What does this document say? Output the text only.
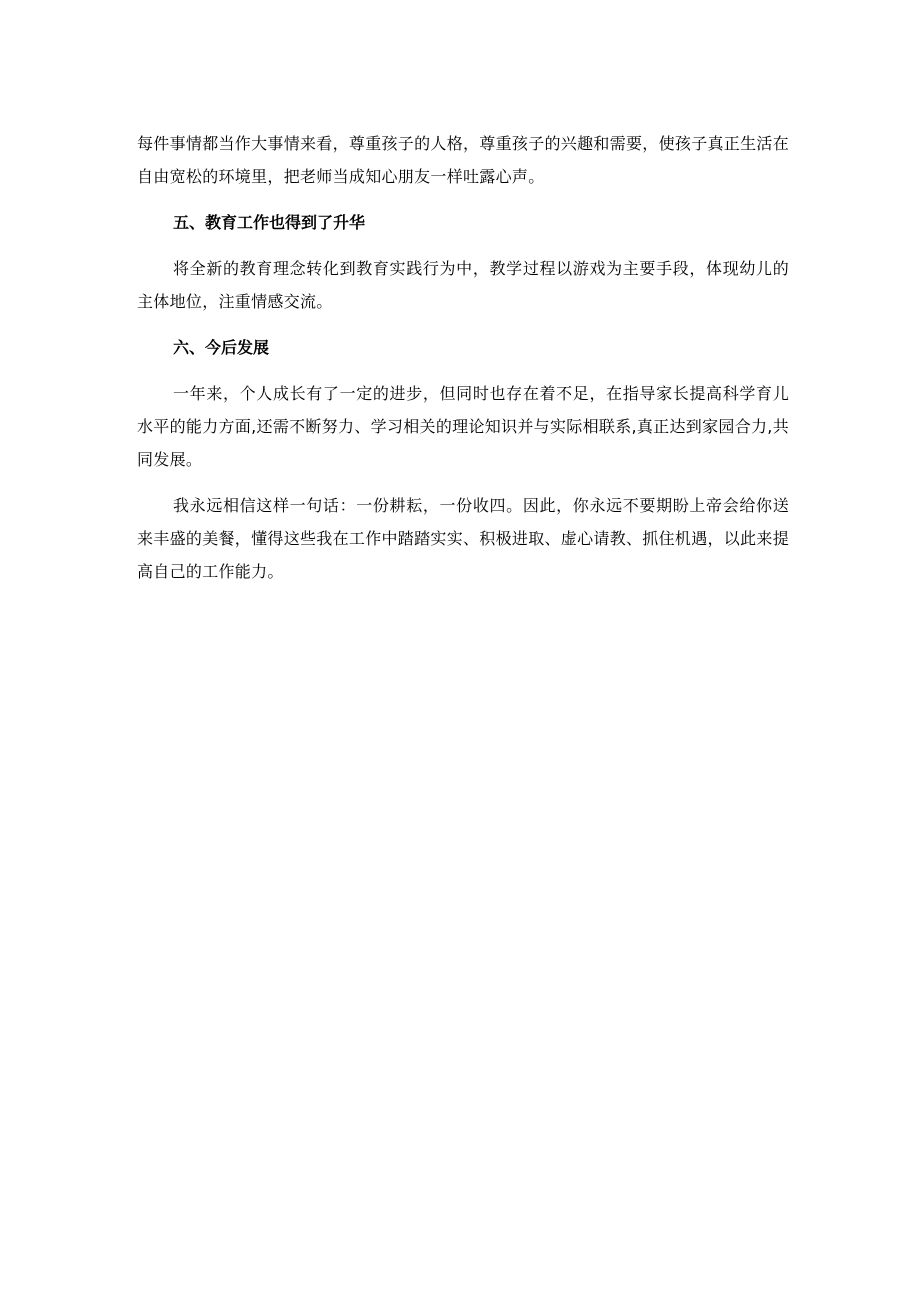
每件事情都当作大事情来看，尊重孩子的人格，尊重孩子的兴趣和需要，使孩子真正生活在自由宽松的环境里，把老师当成知心朋友一样吐露心声。

五、教育工作也得到了升华

将全新的教育理念转化到教育实践行为中，教学过程以游戏为主要手段，体现幼儿的主体地位，注重情感交流。

六、今后发展

一年来，个人成长有了一定的进步，但同时也存在着不足，在指导家长提高科学育儿水平的能力方面,还需不断努力、学习相关的理论知识并与实际相联系,真正达到家园合力,共同发展。

我永远相信这样一句话：一份耕耘，一份收四。因此，你永远不要期盼上帝会给你送来丰盛的美餐，懂得这些我在工作中踏踏实实、积极进取、虚心请教、抓住机遇，以此来提高自己的工作能力。
